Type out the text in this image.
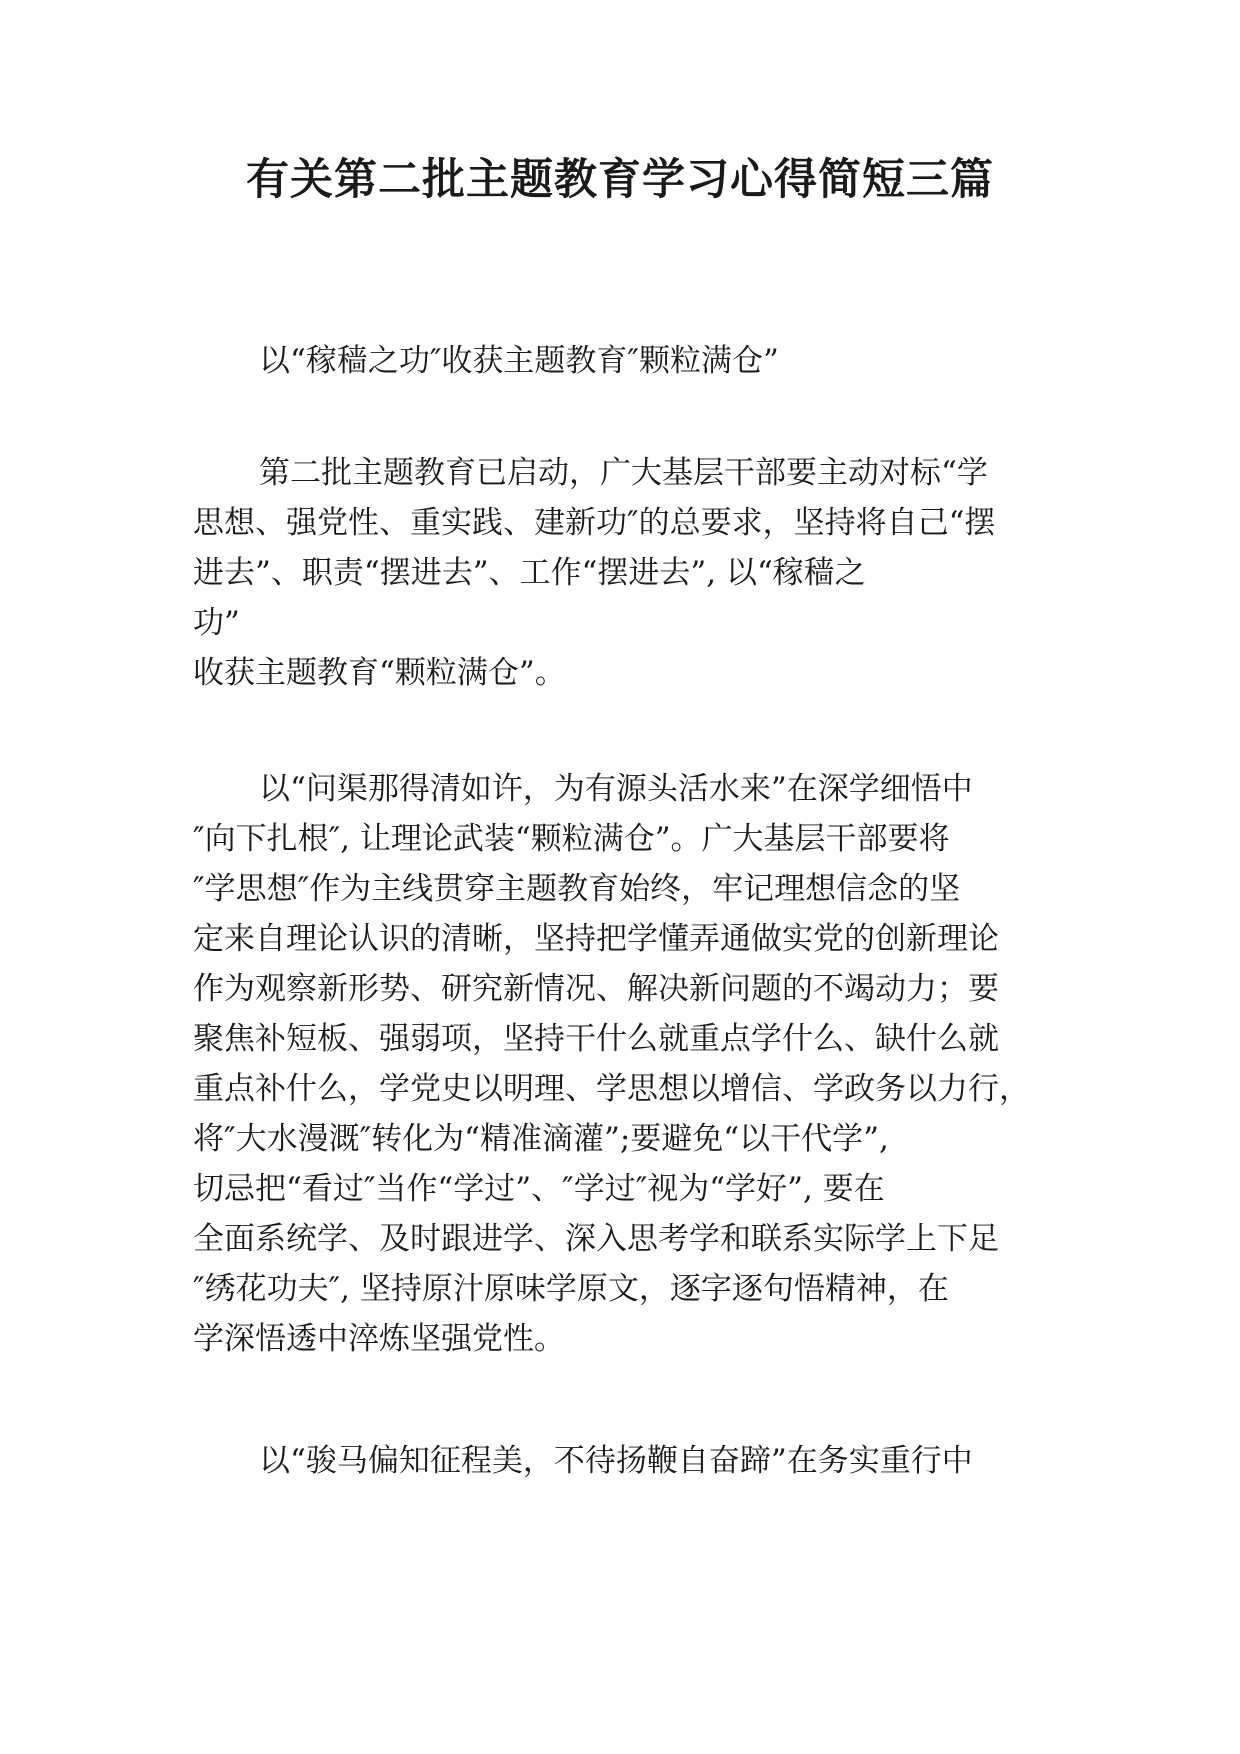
有关第二批主题教育学习心得简短三篇
以“稼穑之功″收获主题教育″颗粒满仓”
第二批主题教育已启动，广大基层干部要主动对标“学
思想、强党性、重实践、建新功″的总要求，坚持将自己“摆
进去”、职责“摆进去”、工作“摆进去”, 以“稼穑之
功”
收获主题教育“颗粒满仓”。
以“问渠那得清如许，为有源头活水来”在深学细悟中
″向下扎根″, 让理论武装“颗粒满仓”。广大基层干部要将
″学思想″作为主线贯穿主题教育始终，牢记理想信念的坚
定来自理论认识的清晰，坚持把学懂弄通做实党的创新理论
作为观察新形势、研究新情况、解决新问题的不竭动力；要
聚焦补短板、强弱项，坚持干什么就重点学什么、缺什么就
重点补什么，学党史以明理、学思想以增信、学政务以力行，
将″大水漫溉″转化为“精准滴灌”;要避免“以干代学”,
切忌把“看过″当作“学过”、″学过″视为“学好”, 要在
全面系统学、及时跟进学、深入思考学和联系实际学上下足
″绣花功夫″, 坚持原汁原味学原文，逐字逐句悟精神，在
学深悟透中淬炼坚强党性。
以“骏马偏知征程美，不待扬鞭自奋蹄”在务实重行中
